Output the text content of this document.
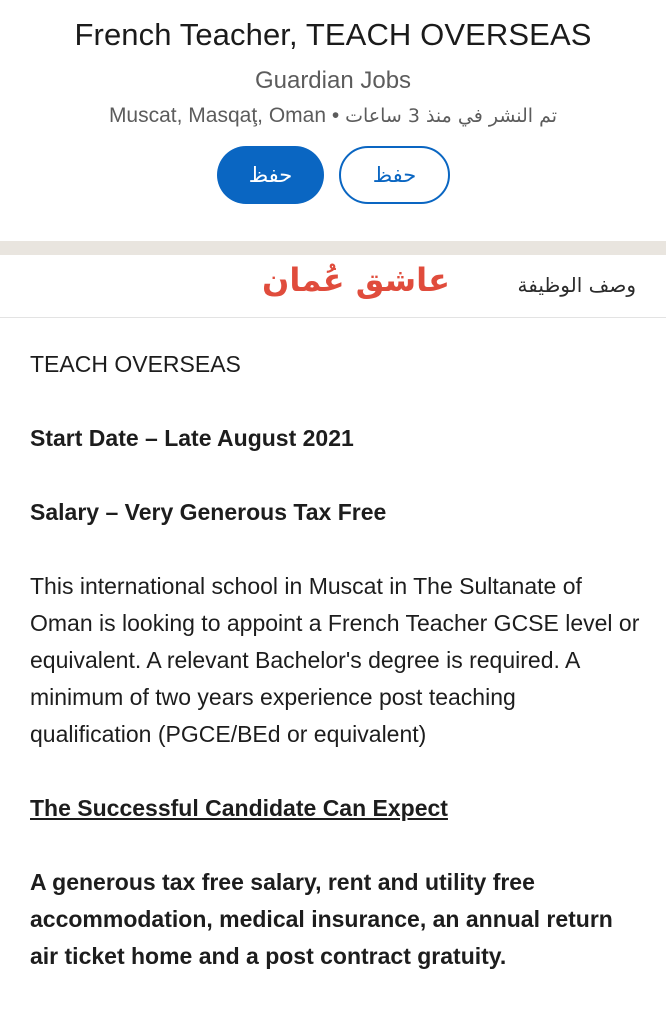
French Teacher, TEACH OVERSEAS
Guardian Jobs
Muscat, Masqaţ, Oman • تم النشر في منذ 3 ساعات
حفظ	حفظ
عاشق عُمان	وصف الوظيفة

TEACH OVERSEAS

Start Date – Late August 2021

Salary – Very Generous Tax Free

This international school in Muscat in The Sultanate of Oman is looking to appoint a French Teacher GCSE level or equivalent. A relevant Bachelor's degree is required. A minimum of two years experience post teaching qualification (PGCE/BEd or equivalent)

The Successful Candidate Can Expect

A generous tax free salary, rent and utility free accommodation, medical insurance, an annual return air ticket home and a post contract gratuity.
